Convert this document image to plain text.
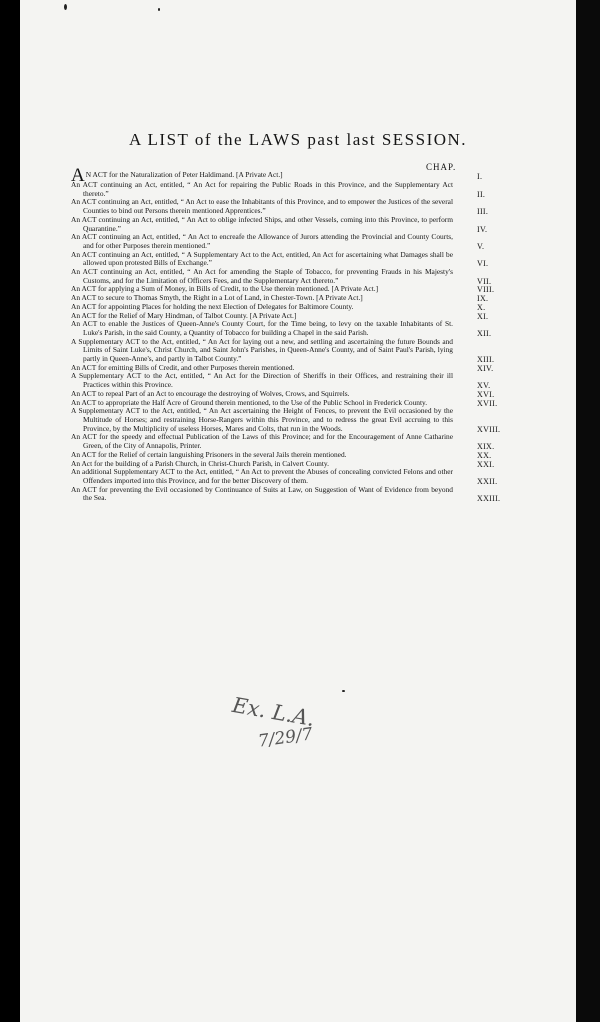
A LIST of the LAWS past last SESSION.
CHAP.

AN ACT for the Naturalization of Peter Haldimand. [A Private Act.]	I.

An ACT continuing an Act, entitled, “ An Act for repairing the Public Roads in this Province, and the Supplementary Act thereto.”	II.

An ACT continuing an Act, entitled, “ An Act to ease the Inhabitants of this Province, and to empower the Justices of the several Counties to bind out Persons therein mentioned Apprentices.”	III.

An ACT continuing an Act, entitled, “ An Act to oblige infected Ships, and other Vessels, coming into this Province, to perform Quarantine.”	IV.

An ACT continuing an Act, entitled, “ An Act to encreafe the Allowance of Jurors attending the Provincial and County Courts, and for other Purposes therein mentioned.”	V.

An ACT continuing an Act, entitled, “ A Supplementary Act to the Act, entitled, An Act for ascertaining what Damages shall be allowed upon protested Bills of Exchange.”	VI.

An ACT continuing an Act, entitled, “ An Act for amending the Staple of Tobacco, for preventing Frauds in his Majesty's Customs, and for the Limitation of Officers Fees, and the Supplementary Act thereto.”	VII.

An ACT for applying a Sum of Money, in Bills of Credit, to the Use therein mentioned. [A Private Act.]	VIII.

An ACT to secure to Thomas Smyth, the Right in a Lot of Land, in Chester-Town. [A Private Act.]	IX.

An ACT for appointing Places for holding the next Election of Delegates for Baltimore County.	X.

An ACT for the Relief of Mary Hindman, of Talbot County. [A Private Act.]	XI.

An ACT to enable the Justices of Queen-Anne's County Court, for the Time being, to levy on the taxable Inhabitants of St. Luke's Parish, in the said County, a Quantity of Tobacco for building a Chapel in the said Parish.	XII.

A Supplementary ACT to the Act, entitled, “ An Act for laying out a new, and settling and ascertaining the future Bounds and Limits of Saint Luke's, Christ Church, and Saint John's Parishes, in Queen-Anne's County, and of Saint Paul's Parish, lying partly in Queen-Anne's, and partly in Talbot County.”	XIII.

An ACT for emitting Bills of Credit, and other Purposes therein mentioned.	XIV.

A Supplementary ACT to the Act, entitled, “ An Act for the Direction of Sheriffs in their Offices, and restraining their ill Practices within this Province.	XV.

An ACT to repeal Part of an Act to encourage the destroying of Wolves, Crows, and Squirrels.	XVI.

An ACT to appropriate the Half Acre of Ground therein mentioned, to the Use of the Public School in Frederick County.	XVII.

A Supplementary ACT to the Act, entitled, “ An Act ascertaining the Height of Fences, to prevent the Evil occasioned by the Multitude of Horses; and restraining Horse-Rangers within this Province, and to redress the great Evil accruing to this Province, by the Multiplicity of useless Horses, Mares and Colts, that run in the Woods.	XVIII.

An ACT for the speedy and effectual Publication of the Laws of this Province; and for the Encouragement of Anne Catharine Green, of the City of Annapolis, Printer.	XIX.

An ACT for the Relief of certain languishing Prisoners in the several Jails therein mentioned.	XX.

An Act for the building of a Parish Church, in Christ-Church Parish, in Calvert County.	XXI.

An additional Supplementary ACT to the Act, entitled, “ An Act to prevent the Abuses of concealing convicted Felons and other Offenders imported into this Province, and for the better Discovery of them.	XXII.

An ACT for preventing the Evil occasioned by Continuance of Suits at Law, on Suggestion of Want of Evidence from beyond the Sea.	XXIII.

Ex. L.A.
7/29/7
